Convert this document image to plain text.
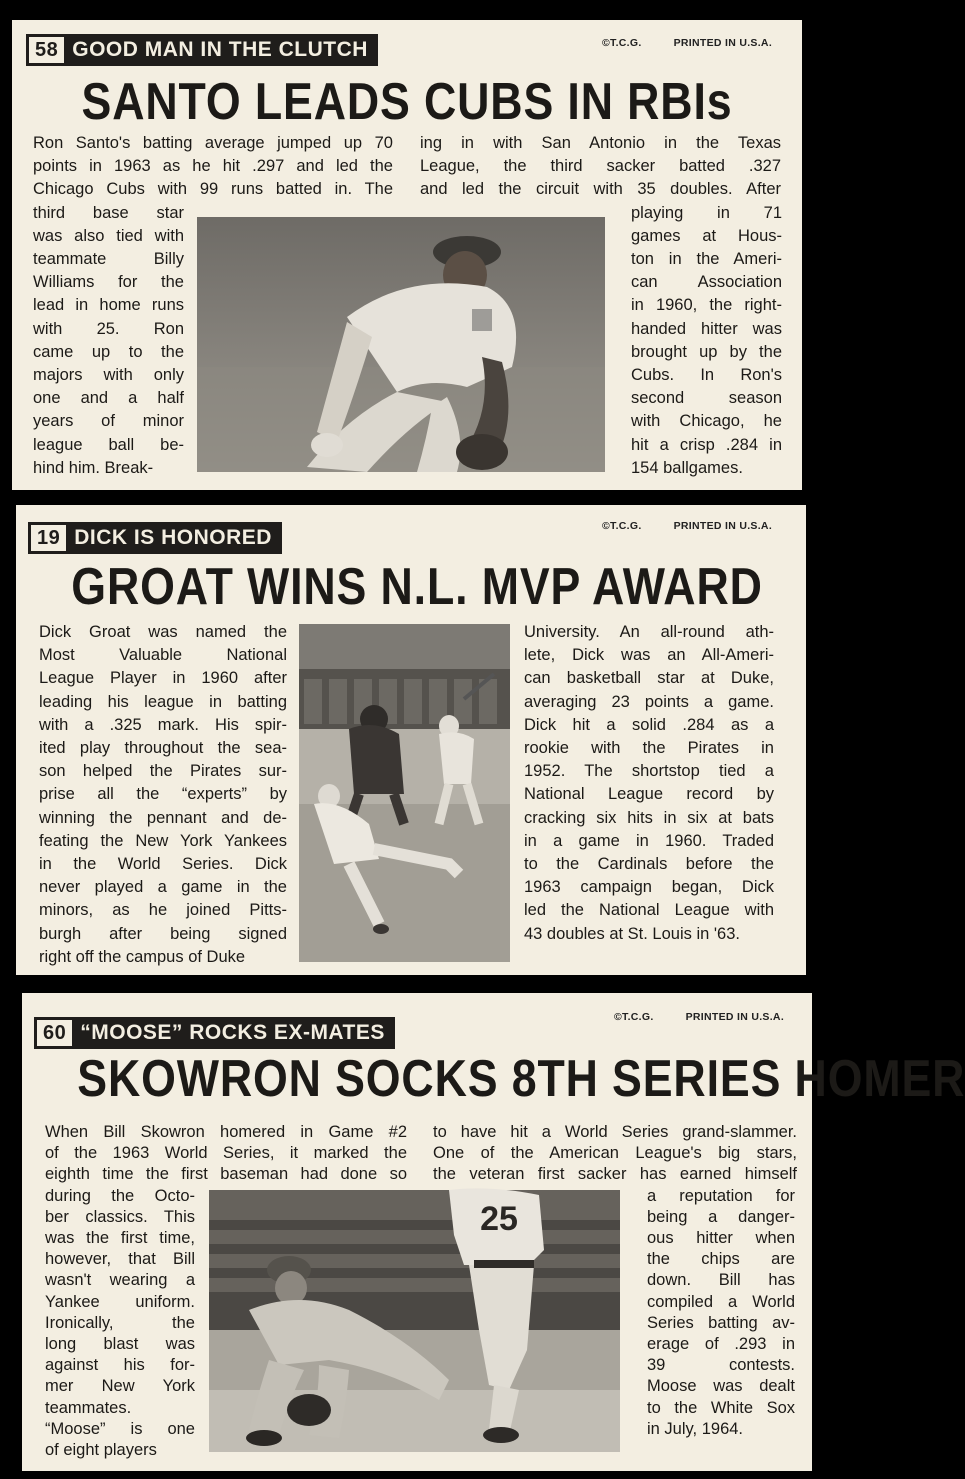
58 GOOD MAN IN THE CLUTCH	©T.C.G.	PRINTED IN U.S.A.
SANTO LEADS CUBS IN RBIs
Ron Santo's batting average jumped up 70
points in 1963 as he hit .297 and led the
Chicago Cubs with 99 runs batted in. The
third base star
was also tied with
teammate Billy
Williams for the
lead in home runs
with 25. Ron
came up to the
majors with only
one and a half
years of minor
league ball be-
hind him. Break-
ing in with San Antonio in the Texas
League, the third sacker batted .327
and led the circuit with 35 doubles. After
playing in 71
games at Hous-
ton in the Ameri-
can Association
in 1960, the right-
handed hitter was
brought up by the
Cubs. In Ron's
second season
with Chicago, he
hit a crisp .284 in
154 ballgames.
19 DICK IS HONORED	©T.C.G.	PRINTED IN U.S.A.
GROAT WINS N.L. MVP AWARD
Dick Groat was named the
Most Valuable National
League Player in 1960 after
leading his league in batting
with a .325 mark. His spir-
ited play throughout the sea-
son helped the Pirates sur-
prise all the “experts” by
winning the pennant and de-
feating the New York Yankees
in the World Series. Dick
never played a game in the
minors, as he joined Pitts-
burgh after being signed
right off the campus of Duke
University. An all-round ath-
lete, Dick was an All-Ameri-
can basketball star at Duke,
averaging 23 points a game.
Dick hit a solid .284 as a
rookie with the Pirates in
1952. The shortstop tied a
National League record by
cracking six hits in six at bats
in a game in 1960. Traded
to the Cardinals before the
1963 campaign began, Dick
led the National League with
43 doubles at St. Louis in '63.
60 “MOOSE” ROCKS EX-MATES
©T.C.G.	PRINTED IN U.S.A.
SKOWRON SOCKS 8TH SERIES HOMER
When Bill Skowron homered in Game #2
of the 1963 World Series, it marked the
eighth time the first baseman had done so
during the Octo-
ber classics. This
was the first time,
however, that Bill
wasn't wearing a
Yankee uniform.
Ironically, the
long blast was
against his for-
mer New York
teammates.
“Moose” is one
of eight players
to have hit a World Series grand-slammer.
One of the American League's big stars,
the veteran first sacker has earned himself
a reputation for
being a danger-
ous hitter when
the chips are
down. Bill has
compiled a World
Series batting av-
erage of .293 in
39 contests.
Moose was dealt
to the White Sox
in July, 1964.
25
